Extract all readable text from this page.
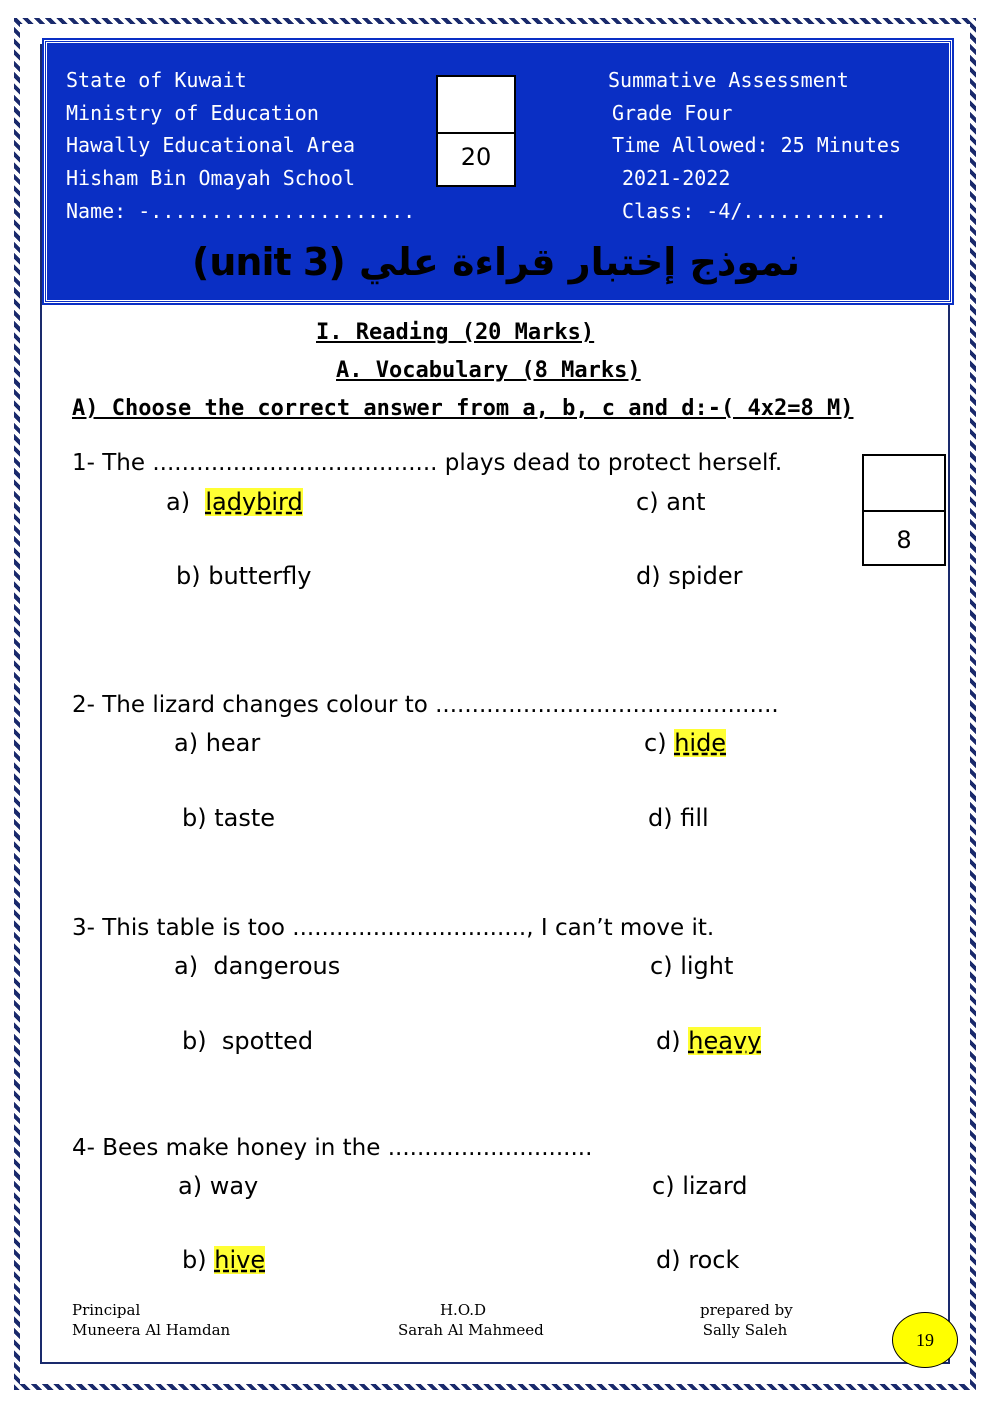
State of Kuwait
Ministry of Education
Hawally Educational Area
Hisham Bin Omayah School
Name: -......................
Summative Assessment
Grade Four
Time Allowed: 25 Minutes
2021-2022
Class: -4/............
20
نموذج إختبار قراءة علي (unit 3)
I. Reading (20 Marks)
A. Vocabulary (8 Marks)
A) Choose the correct answer from a, b, c and d:-( 4x2=8 M)
8
1- The ....................................... plays dead to protect herself.
a)  ladybird	c) ant
b) butterfly	d) spider
2- The lizard changes colour to ...............................................
a) hear	c) hide
b) taste	d) fill
3- This table is too ................................, I can’t move it.
a)  dangerous	c) light
b)  spotted	d) heavy
4- Bees make honey in the ............................
a) way	c) lizard
b) hive	d) rock
Principal
Muneera Al Hamdan
H.O.D
Sarah Al Mahmeed
prepared by
Sally Saleh	19
